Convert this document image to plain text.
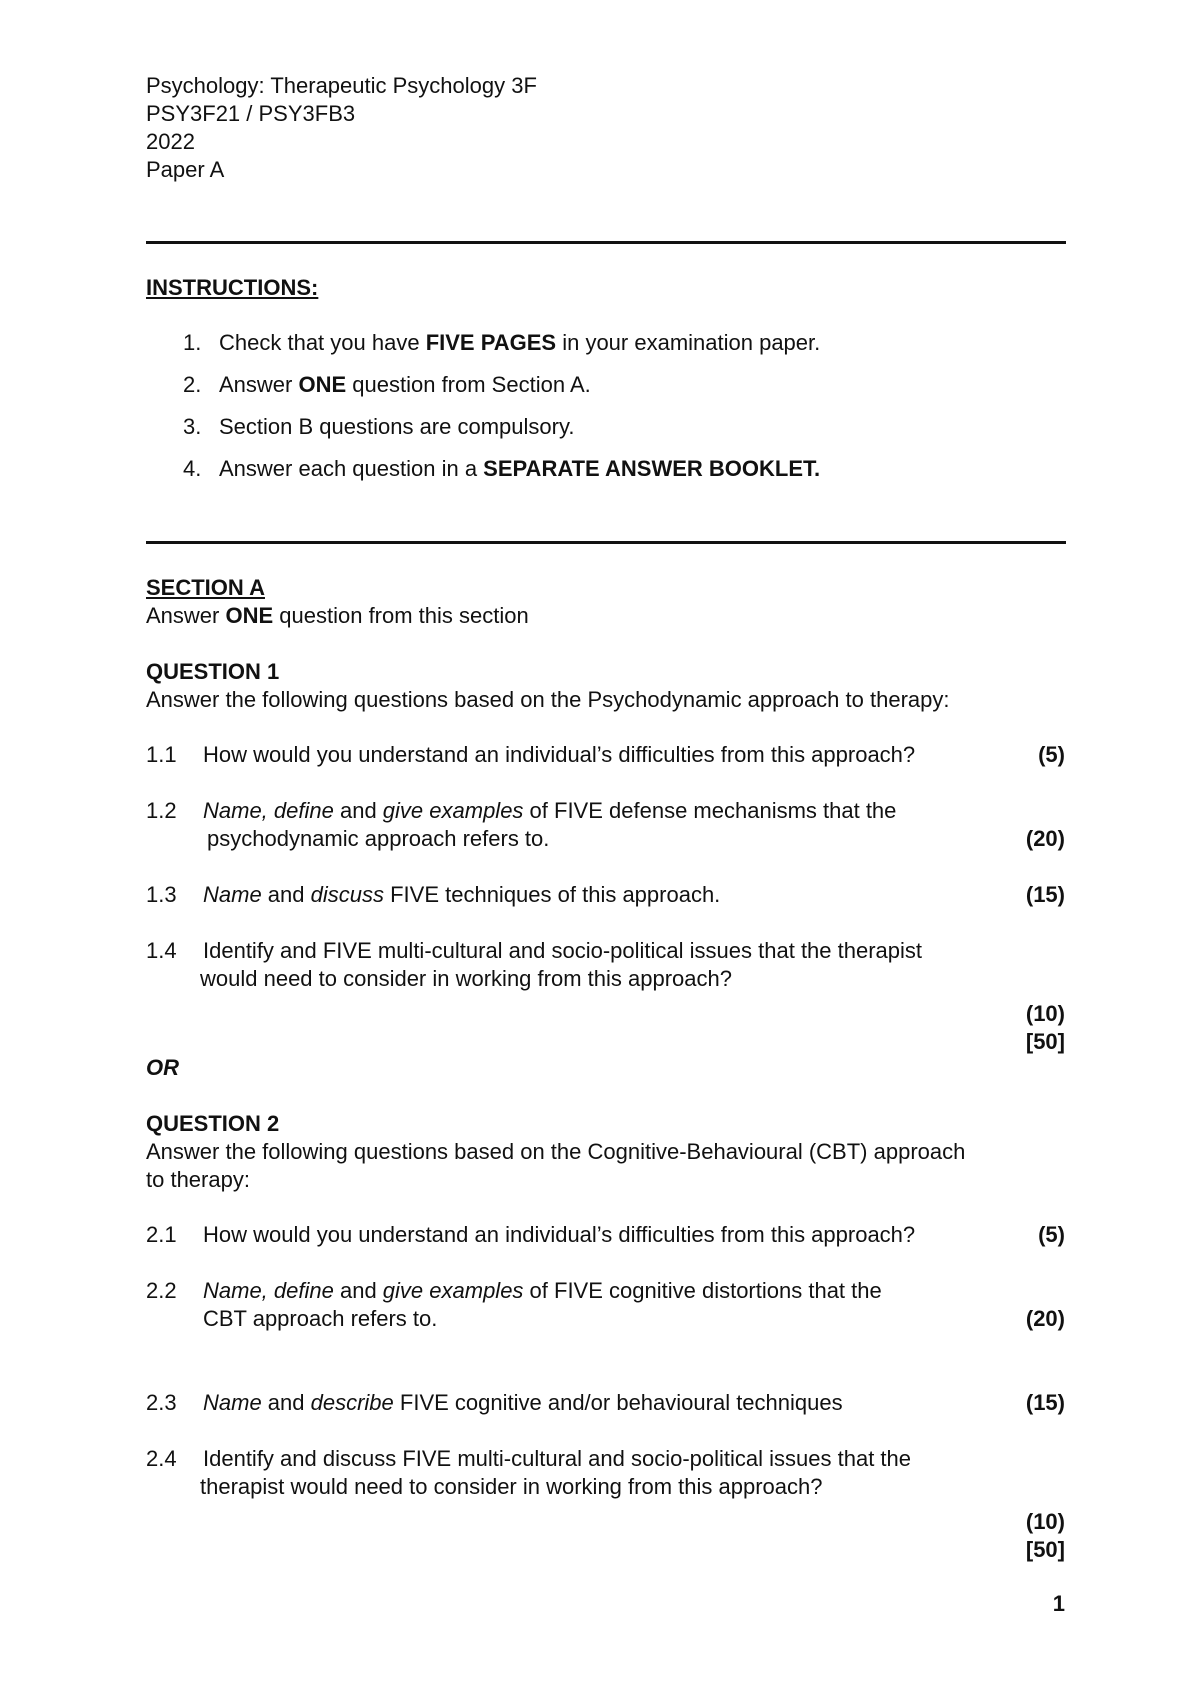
Psychology: Therapeutic Psychology 3F
PSY3F21 / PSY3FB3
2022
Paper A
INSTRUCTIONS:
1. Check that you have FIVE PAGES in your examination paper.
2. Answer ONE question from Section A.
3. Section B questions are compulsory.
4. Answer each question in a SEPARATE ANSWER BOOKLET.
SECTION A
Answer ONE question from this section
QUESTION 1
Answer the following questions based on the Psychodynamic approach to therapy:
1.1 How would you understand an individual’s difficulties from this approach?	(5)
1.2 Name, define and give examples of FIVE defense mechanisms that the
psychodynamic approach refers to.	(20)
1.3 Name and discuss FIVE techniques of this approach.	(15)
1.4 Identify and FIVE multi-cultural and socio-political issues that the therapist
would need to consider in working from this approach?
(10)
[50]
OR
QUESTION 2
Answer the following questions based on the Cognitive-Behavioural (CBT) approach
to therapy:
2.1 How would you understand an individual’s difficulties from this approach?	(5)
2.2 Name, define and give examples of FIVE cognitive distortions that the
CBT approach refers to.	(20)
2.3 Name and describe FIVE cognitive and/or behavioural techniques	(15)
2.4 Identify and discuss FIVE multi-cultural and socio-political issues that the
therapist would need to consider in working from this approach?
(10)
[50]
1
